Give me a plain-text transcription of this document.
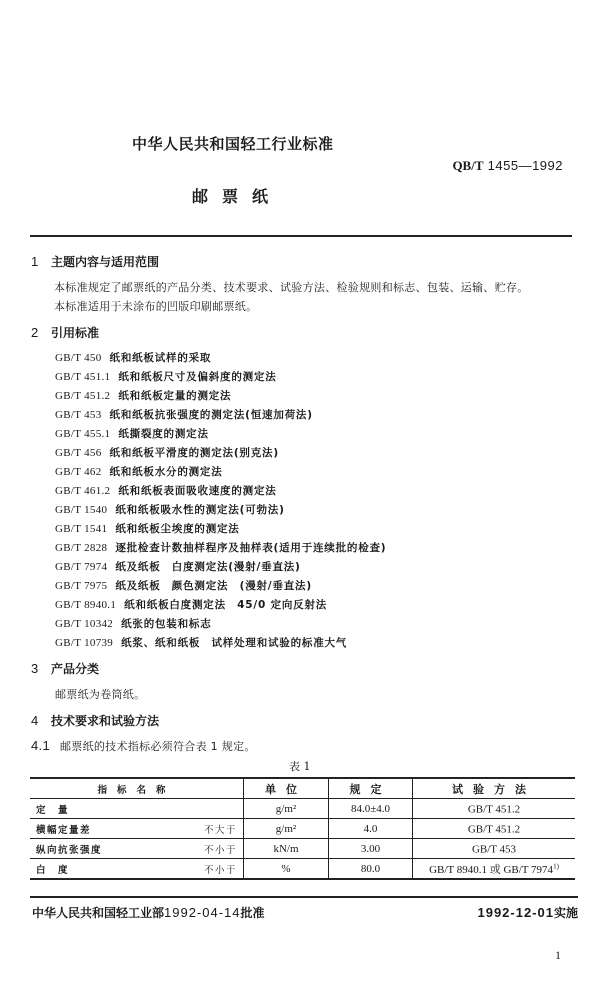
中华人民共和国轻工行业标准
QB/T 1455—1992
邮票纸
1 主题内容与适用范围
本标准规定了邮票纸的产品分类、技术要求、试验方法、检验规则和标志、包装、运输、贮存。
本标准适用于未涂布的凹版印刷邮票纸。
2 引用标准
GB/T 450 纸和纸板试样的采取
GB/T 451.1 纸和纸板尺寸及偏斜度的测定法
GB/T 451.2 纸和纸板定量的测定法
GB/T 453 纸和纸板抗张强度的测定法(恒速加荷法)
GB/T 455.1 纸撕裂度的测定法
GB/T 456 纸和纸板平滑度的测定法(别克法)
GB/T 462 纸和纸板水分的测定法
GB/T 461.2 纸和纸板表面吸收速度的测定法
GB/T 1540 纸和纸板吸水性的测定法(可勃法)
GB/T 1541 纸和纸板尘埃度的测定法
GB/T 2828 逐批检查计数抽样程序及抽样表(适用于连续批的检查)
GB/T 7974 纸及纸板　白度测定法(漫射/垂直法)
GB/T 7975 纸及纸板　颜色测定法　(漫射/垂直法)
GB/T 8940.1 纸和纸板白度测定法　45/0 定向反射法
GB/T 10342 纸张的包装和标志
GB/T 10739 纸浆、纸和纸板　试样处理和试验的标准大气
3 产品分类
邮票纸为卷筒纸。
4 技术要求和试验方法
4.1 邮票纸的技术指标必须符合表 1 规定。
表 1
指标名称	单位	规定	试验方法

定　量	g/m²	84.0±4.0	GB/T 451.2

横幅定量差 不大于	g/m²	4.0	GB/T 451.2

纵向抗张强度 不小于	kN/m	3.00	GB/T 453

白　度 不小于	%	80.0	GB/T 8940.1 或 GB/T 7974$^{1)}$
中华人民共和国轻工业部1992-04-14批准	1992-12-01实施
1
